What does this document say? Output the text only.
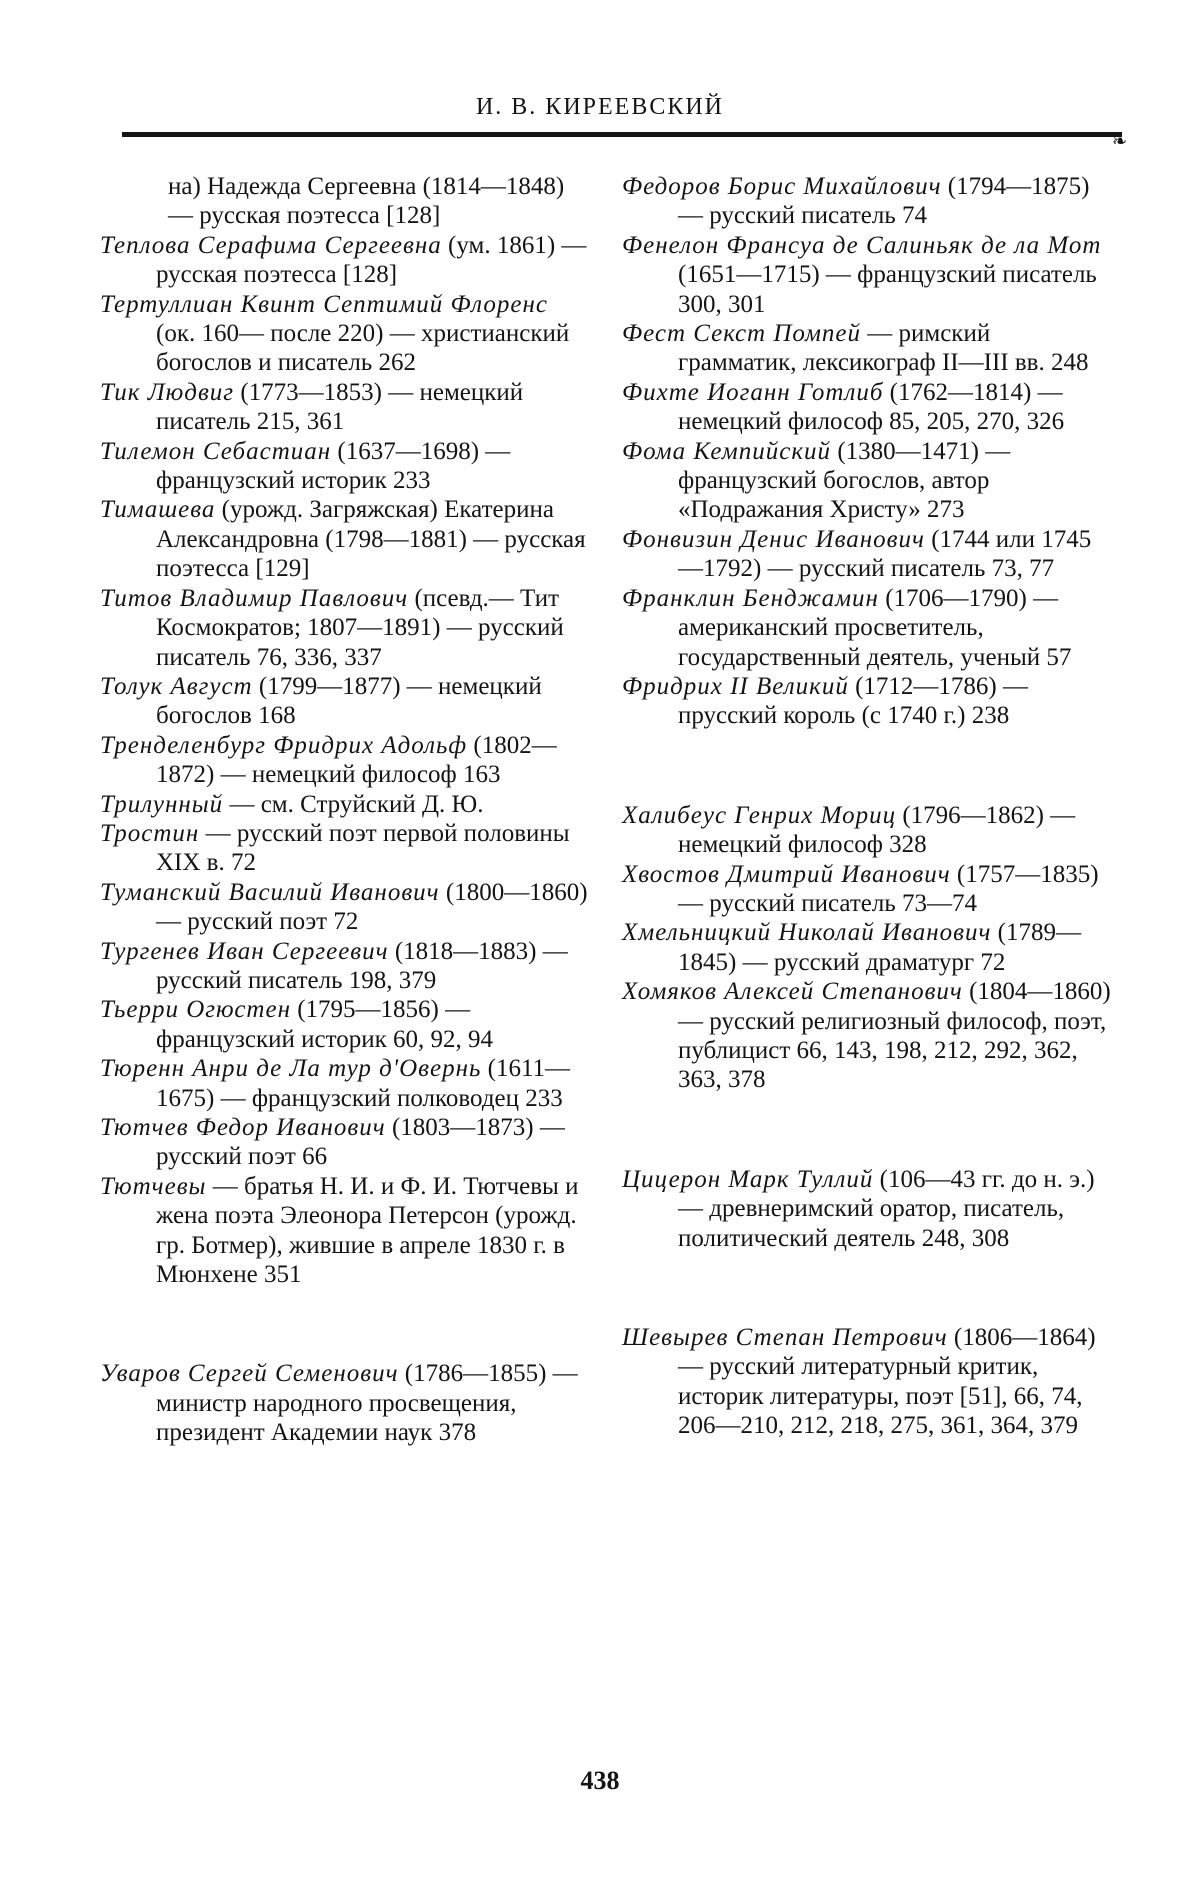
И. В. КИРЕЕВСКИЙ
❧

на) Надежда Сергеевна (1814—1848) — русская поэтесса [128]

Теплова Серафима Сергеевна (ум. 1861) — русская поэтесса [128]

Тертуллиан Квинт Септимий Флоренс (ок. 160— после 220) — христианский богослов и писатель 262

Тик Людвиг (1773—1853) — немецкий писатель 215, 361

Тилемон Себастиан (1637—1698) — французский историк 233

Тимашева (урожд. Загряжская) Екатерина Александровна (1798—1881) — русская поэтесса [129]

Титов Владимир Павлович (псевд.— Тит Космократов; 1807—1891) — русский писатель 76, 336, 337

Толук Август (1799—1877) — немецкий богослов 168

Тренделенбург Фридрих Адольф (1802—1872) — немецкий философ 163

Трилунный — см. Струйский Д. Ю.

Тростин — русский поэт первой половины XIX в. 72

Туманский Василий Иванович (1800—1860) — русский поэт 72

Тургенев Иван Сергеевич (1818—1883) — русский писатель 198, 379

Тьерри Огюстен (1795—1856) — французский историк 60, 92, 94

Тюренн Анри де Ла тур д'Овернь (1611—1675) — французский полководец 233

Тютчев Федор Иванович (1803—1873) — русский поэт 66

Тютчевы — братья Н. И. и Ф. И. Тютчевы и жена поэта Элеонора Петерсон (урожд. гр. Ботмер), жившие в апреле 1830 г. в Мюнхене 351

Уваров Сергей Семенович (1786—1855) — министр народного просвещения, президент Академии наук 378

Федоров Борис Михайлович (1794—1875) — русский писатель 74

Фенелон Франсуа де Салиньяк де ла Мот (1651—1715) — французский писатель 300, 301

Фест Секст Помпей — римский грамматик, лексикограф II—III вв. 248

Фихте Иоганн Готлиб (1762—1814) — немецкий философ 85, 205, 270, 326

Фома Кемпийский (1380—1471) — французский богослов, автор «Подражания Христу» 273

Фонвизин Денис Иванович (1744 или 1745—1792) — русский писатель 73, 77

Франклин Бенджамин (1706—1790) — американский просветитель, государственный деятель, ученый 57

Фридрих II Великий (1712—1786) — прусский король (с 1740 г.) 238

Халибеус Генрих Мориц (1796—1862) — немецкий философ 328

Хвостов Дмитрий Иванович (1757—1835) — русский писатель 73—74

Хмельницкий Николай Иванович (1789—1845) — русский драматург 72

Хомяков Алексей Степанович (1804—1860) — русский религиозный философ, поэт, публицист 66, 143, 198, 212, 292, 362, 363, 378

Цицерон Марк Туллий (106—43 гг. до н. э.) — древнеримский оратор, писатель, политический деятель 248, 308

Шевырев Степан Петрович (1806—1864) — русский литературный критик, историк литературы, поэт [51], 66, 74, 206—210, 212, 218, 275, 361, 364, 379

438
